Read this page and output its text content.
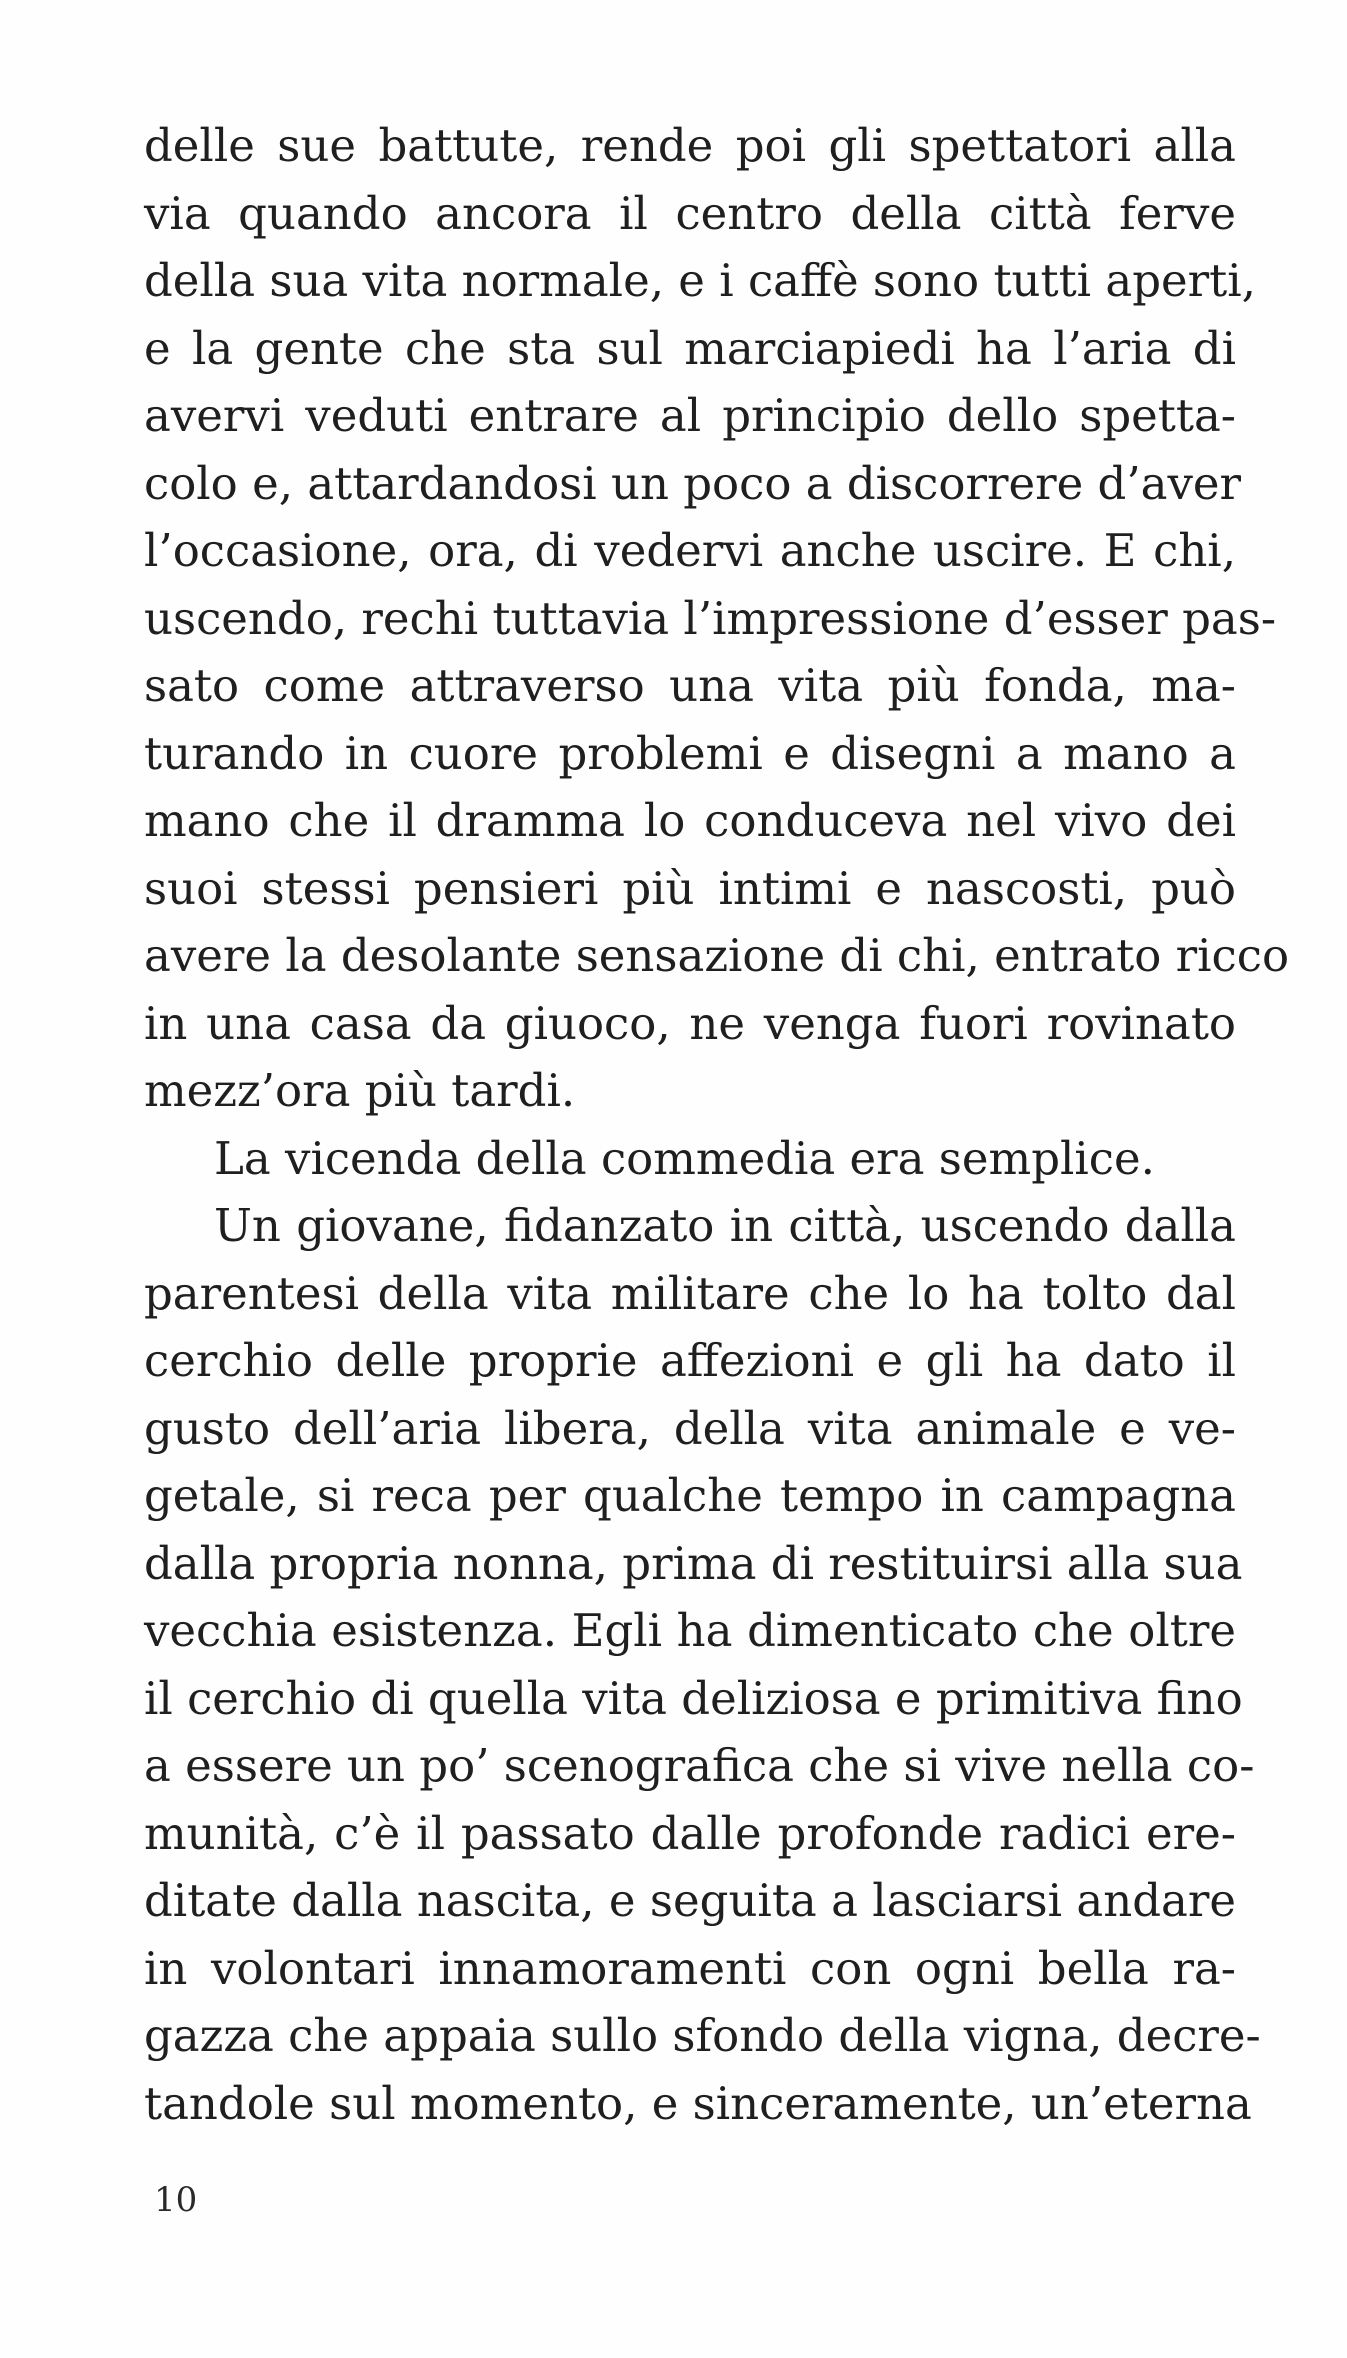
delle sue battute, rende poi gli spettatori alla
via quando ancora il centro della città ferve
della sua vita normale, e i caffè sono tutti aperti,
e la gente che sta sul marciapiedi ha l’aria di
avervi veduti entrare al principio dello spetta-
colo e, attardandosi un poco a discorrere d’aver
l’occasione, ora, di vedervi anche uscire. E chi,
uscendo, rechi tuttavia l’impressione d’esser pas-
sato come attraverso una vita più fonda, ma-
turando in cuore problemi e disegni a mano a
mano che il dramma lo conduceva nel vivo dei
suoi stessi pensieri più intimi e nascosti, può
avere la desolante sensazione di chi, entrato ricco
in una casa da giuoco, ne venga fuori rovinato
mezz’ora più tardi.
La vicenda della commedia era semplice.
Un giovane, fidanzato in città, uscendo dalla
parentesi della vita militare che lo ha tolto dal
cerchio delle proprie affezioni e gli ha dato il
gusto dell’aria libera, della vita animale e ve-
getale, si reca per qualche tempo in campagna
dalla propria nonna, prima di restituirsi alla sua
vecchia esistenza. Egli ha dimenticato che oltre
il cerchio di quella vita deliziosa e primitiva fino
a essere un po’ scenografica che si vive nella co-
munità, c’è il passato dalle profonde radici ere-
ditate dalla nascita, e seguita a lasciarsi andare
in volontari innamoramenti con ogni bella ra-
gazza che appaia sullo sfondo della vigna, decre-
tandole sul momento, e sinceramente, un’eterna
10
